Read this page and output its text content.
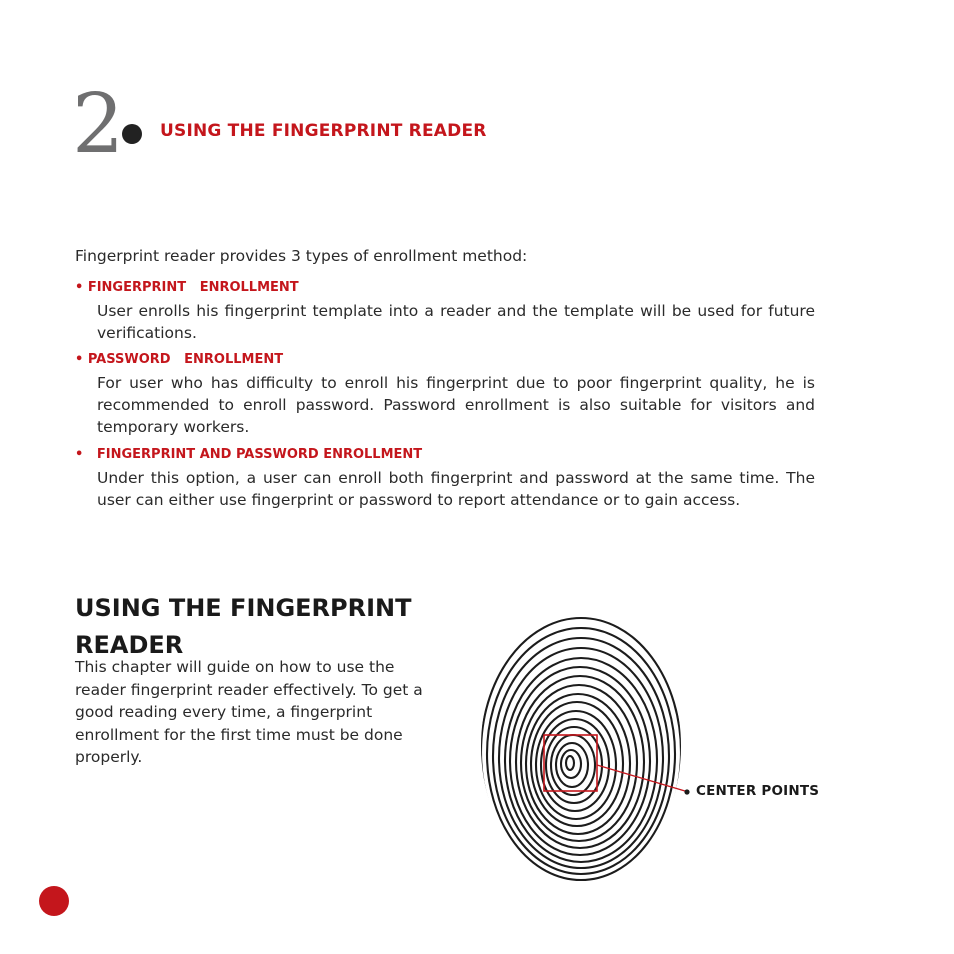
2 USING THE FINGERPRINT READER
Fingerprint reader provides 3 types of enrollment method:
• FINGERPRINT   ENROLLMENT
User enrolls his fingerprint template into a reader and the template will be used for future verifications.
• PASSWORD   ENROLLMENT
For user who has difficulty to enroll his fingerprint due to poor fingerprint quality, he is recommended to enroll password. Password enrollment is also suitable for visitors and temporary workers.
•   FINGERPRINT AND PASSWORD ENROLLMENT
Under this option, a user can enroll both fingerprint and password at the same time. The user can either use fingerprint or password to report attendance or to gain access.
USING THE FINGERPRINT READER
This chapter will guide on how to use the reader fingerprint reader effectively. To get a good reading every time, a fingerprint enrollment for the first time must be done properly.
CENTER POINTS
